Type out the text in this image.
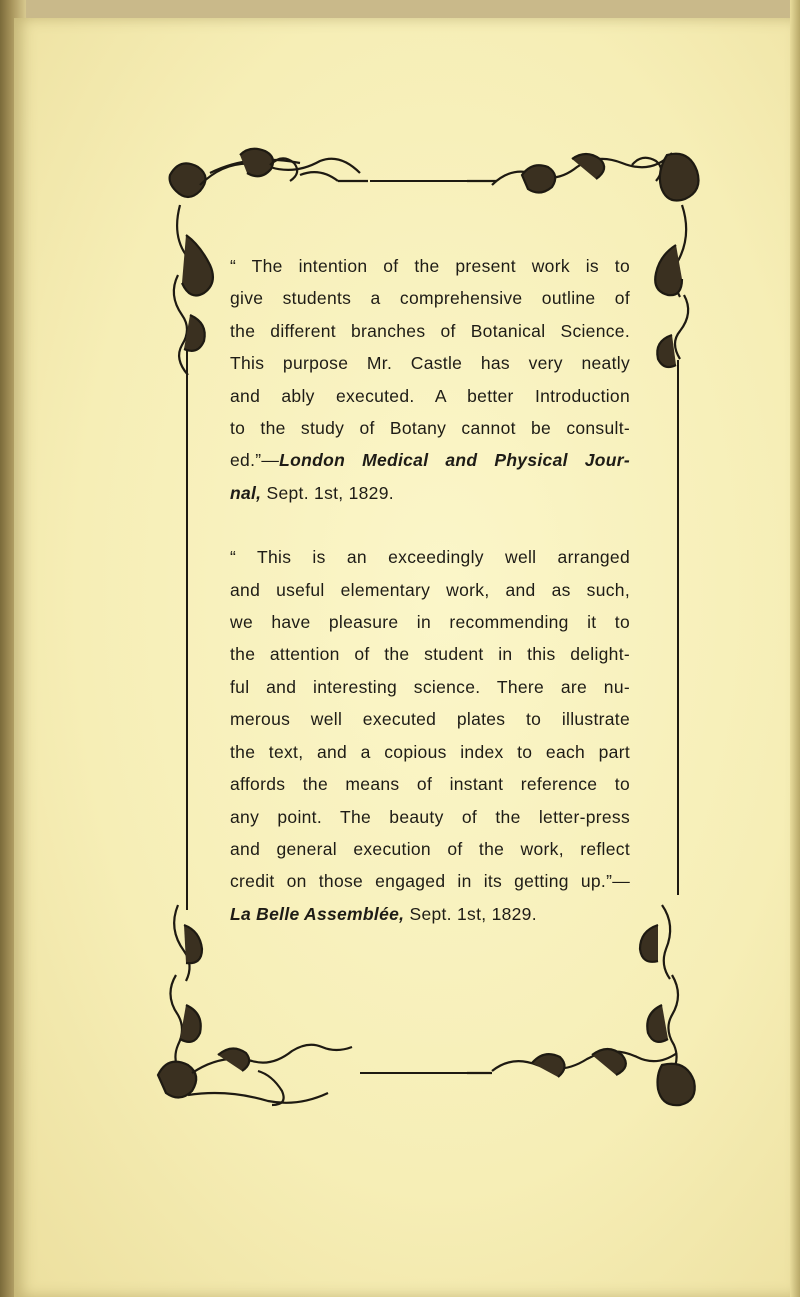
“ The intention of the present work is to
give students a comprehensive outline of
the different branches of Botanical Science.
This purpose Mr. Castle has very neatly
and ably executed. A better Introduction
to the study of Botany cannot be consult-
ed.”—London Medical and Physical Jour-
nal, Sept. 1st, 1829.
“ This is an exceedingly well arranged
and useful elementary work, and as such,
we have pleasure in recommending it to
the attention of the student in this delight-
ful and interesting science. There are nu-
merous well executed plates to illustrate
the text, and a copious index to each part
affords the means of instant reference to
any point. The beauty of the letter-press
and general execution of the work, reflect
credit on those engaged in its getting up.”—
La Belle Assemblée, Sept. 1st, 1829.
